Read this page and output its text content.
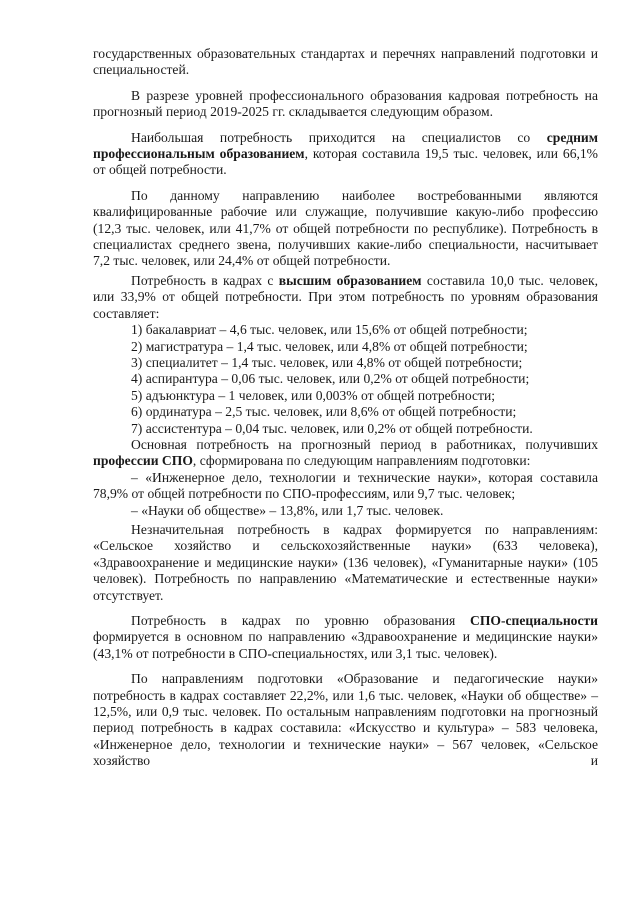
государственных образовательных стандартах и перечнях направлений подготовки и специальностей.

В разрезе уровней профессионального образования кадровая потребность на прогнозный период 2019-2025 гг. складывается следующим образом.

Наибольшая потребность приходится на специалистов со средним профессиональным образованием, которая составила 19,5 тыс. человек, или 66,1% от общей потребности.

По данному направлению наиболее востребованными являются квалифицированные рабочие или служащие, получившие какую-либо профессию (12,3 тыс. человек, или 41,7% от общей потребности по республике). Потребность в специалистах среднего звена, получивших какие-либо специальности, насчитывает 7,2 тыс. человек, или 24,4% от общей потребности.

Потребность в кадрах с высшим образованием составила 10,0 тыс. человек, или 33,9% от общей потребности. При этом потребность по уровням образования составляет:

1) бакалавриат – 4,6 тыс. человек, или 15,6% от общей потребности;
2) магистратура – 1,4 тыс. человек, или 4,8% от общей потребности;
3) специалитет – 1,4 тыс. человек, или 4,8% от общей потребности;
4) аспирантура – 0,06 тыс. человек, или 0,2% от общей потребности;
5) адъюнктура – 1 человек, или 0,003% от общей потребности;
6) ординатура – 2,5 тыс. человек, или 8,6% от общей потребности;
7) ассистентура – 0,04 тыс. человек, или 0,2% от общей потребности.

Основная потребность на прогнозный период в работниках, получивших профессии СПО, сформирована по следующим направлениям подготовки:

– «Инженерное дело, технологии и технические науки», которая составила 78,9% от общей потребности по СПО-профессиям, или 9,7 тыс. человек;

– «Науки об обществе» – 13,8%, или 1,7 тыс. человек.

Незначительная потребность в кадрах формируется по направлениям: «Сельское хозяйство и сельскохозяйственные науки» (633 человека), «Здравоохранение и медицинские науки» (136 человек), «Гуманитарные науки» (105 человек). Потребность по направлению «Математические и естественные науки» отсутствует.

Потребность в кадрах по уровню образования СПО-специальности формируется в основном по направлению «Здравоохранение и медицинские науки» (43,1% от потребности в СПО-специальностях, или 3,1 тыс. человек).

По направлениям подготовки «Образование и педагогические науки» потребность в кадрах составляет 22,2%, или 1,6 тыс. человек, «Науки об обществе» – 12,5%, или 0,9 тыс. человек. По остальным направлениям подготовки на прогнозный период потребность в кадрах составила: «Искусство и культура» – 583 человека, «Инженерное дело, технологии и технические науки» – 567 человек, «Сельское хозяйство и
